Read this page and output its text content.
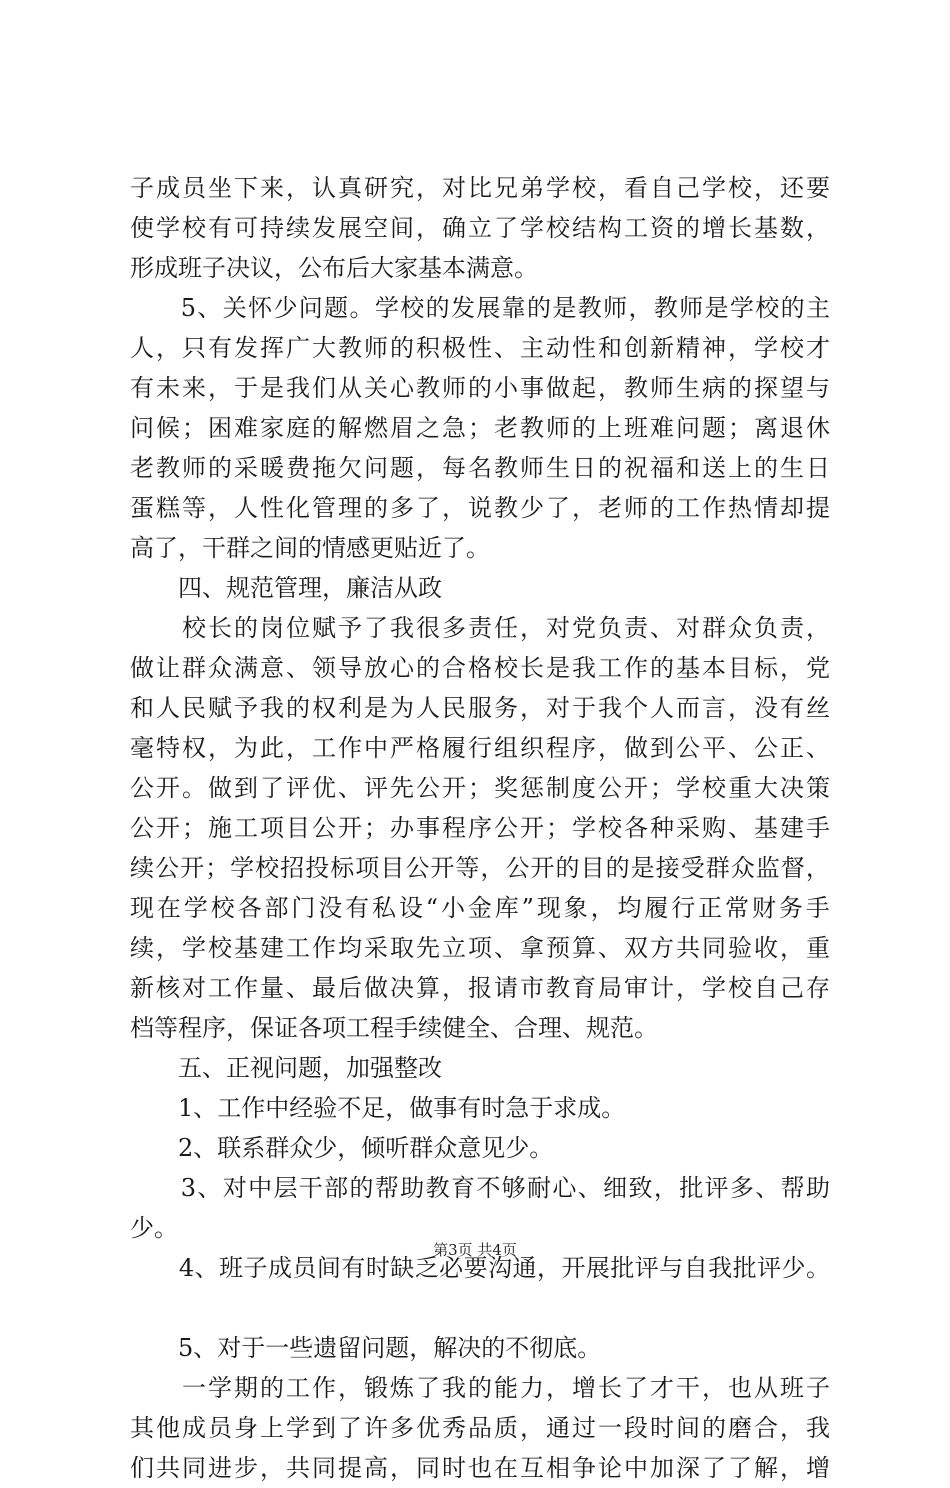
子 成 员 坐 下 来 ， 认 真 研 究 ， 对 比 兄 弟 学 校 ， 看 自 己 学 校 ， 还 要
使 学 校 有 可 持 续 发 展 空 间 ， 确 立 了 学 校 结 构 工 资 的 增 长 基 数 ，
形成班子决议，公布后大家基本满意。

5 、 关 怀 少 问 题 。 学 校 的 发 展 靠 的 是 教 师 ， 教 师 是 学 校 的 主
人 ， 只 有 发 挥 广 大 教 师 的 积 极 性 、 主 动 性 和 创 新 精 神 ， 学 校 才
有 未 来 ， 于 是 我 们 从 关 心 教 师 的 小 事 做 起 ， 教 师 生 病 的 探 望 与
问 候 ； 困 难 家 庭 的 解 燃 眉 之 急 ； 老 教 师 的 上 班 难 问 题 ； 离 退 休
老 教 师 的 采 暖 费 拖 欠 问 题 ， 每 名 教 师 生 日 的 祝 福 和 送 上 的 生 日
蛋 糕 等 ， 人 性 化 管 理 的 多 了 ， 说 教 少 了 ， 老 师 的 工 作 热 情 却 提
高了，干群之间的情感更贴近了。
　　四、规范管理，廉洁从政

校 长 的 岗 位 赋 予 了 我 很 多 责 任 ， 对 党 负 责 、 对 群 众 负 责 ，
做 让 群 众 满 意 、 领 导 放 心 的 合 格 校 长 是 我 工 作 的 基 本 目 标 ， 党
和 人 民 赋 予 我 的 权 利 是 为 人 民 服 务 ， 对 于 我 个 人 而 言 ， 没 有 丝
毫 特 权 ， 为 此 ， 工 作 中 严 格 履 行 组 织 程 序 ， 做 到 公 平 、 公 正 、
公 开 。 做 到 了 评 优 、 评 先 公 开 ； 奖 惩 制 度 公 开 ； 学 校 重 大 决 策
公 开 ； 施 工 项 目 公 开 ； 办 事 程 序 公 开 ； 学 校 各 种 采 购 、 基 建 手
续 公 开 ； 学 校 招 投 标 项 目 公 开 等 ， 公 开 的 目 的 是 接 受 群 众 监 督 ，
现 在 学 校 各 部 门 没 有 私 设 “ 小 金 库 ” 现 象 ， 均 履 行 正 常 财 务 手
续 ， 学 校 基 建 工 作 均 采 取 先 立 项 、 拿 预 算 、 双 方 共 同 验 收 ， 重
新 核 对 工 作 量 、 最 后 做 决 算 ， 报 请 市 教 育 局 审 计 ， 学 校 自 己 存
档等程序，保证各项工程手续健全、合理、规范。
　　五、正视问题，加强整改
　　1、工作中经验不足，做事有时急于求成。
　　2、联系群众少，倾听群众意见少。

3 、 对 中 层 干 部 的 帮 助 教 育 不 够 耐 心 、 细 致 ， 批 评 多 、 帮 助
少。

4 、 班 子 成 员 间 有 时 缺 乏 必 要 沟 通 ， 开 展 批 评 与 自 我 批 评 少 。
　　5、对于一些遗留问题，解决的不彻底。

一 学 期 的 工 作 ， 锻 炼 了 我 的 能 力 ， 增 长 了 才 干 ， 也 从 班 子
其 他 成 员 身 上 学 到 了 许 多 优 秀 品 质 ， 通 过 一 段 时 间 的 磨 合 ， 我
们 共 同 进 步 ， 共 同 提 高 ， 同 时 也 在 互 相 争 论 中 加 深 了 了 解 ， 增
第3页 共4页
